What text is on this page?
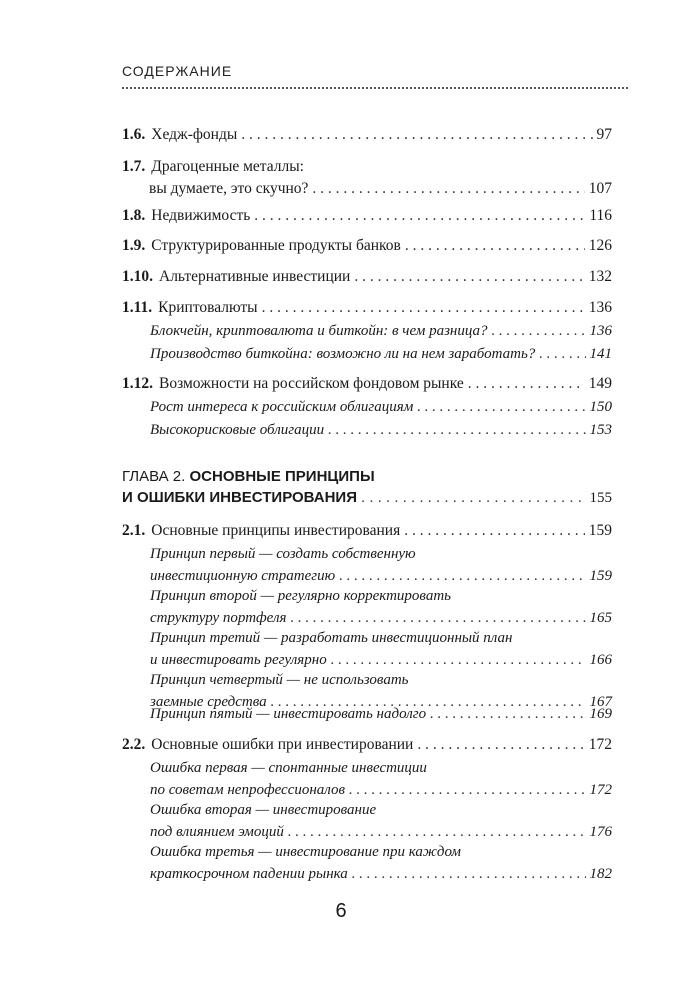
СОДЕРЖАНИЕ
1.6. Хедж-фонды . . .	97
1.7. Драгоценные металлы:
вы думаете, это скучно? . . .	107
1.8. Недвижимость . . .	116
1.9. Структурированные продукты банков . . .	126
1.10. Альтернативные инвестиции . . .	132
1.11. Криптовалюты . . .	136
Блокчейн, криптовалюта и биткойн: в чем разница? . . .	136
Производство биткойна: возможно ли на нем заработать? . . .	141
1.12. Возможности на российском фондовом рынке . . .	149
Рост интереса к российским облигациям . . .	150
Высокорисковые облигации . . .	153
ГЛАВА 2.
ОСНОВНЫЕ ПРИНЦИПЫ
И ОШИБКИ ИНВЕСТИРОВАНИЯ . . .	155
2.1. Основные принципы инвестирования . . .	159
Принцип первый — создать собственную
инвестиционную стратегию . . .	159
Принцип второй — регулярно корректировать
структуру портфеля . . .	165
Принцип третий — разработать инвестиционный план
и инвестировать регулярно . . .	166
Принцип четвертый — не использовать
заемные средства . . .	167
Принцип пятый — инвестировать надолго . . .	169
2.2. Основные ошибки при инвестировании . . .	172
Ошибка первая — спонтанные инвестиции
по советам непрофессионалов . . .	172
Ошибка вторая — инвестирование
под влиянием эмоций . . .	176
Ошибка третья — инвестирование при каждом
краткосрочном падении рынка . . .	182
6
